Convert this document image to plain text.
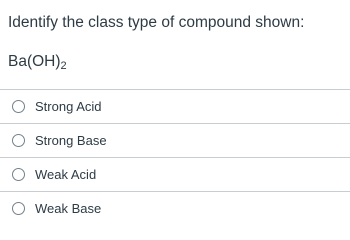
Identify the class type of compound shown:
$Ba(OH)_2$
Strong Acid
Strong Base
Weak Acid
Weak Base
